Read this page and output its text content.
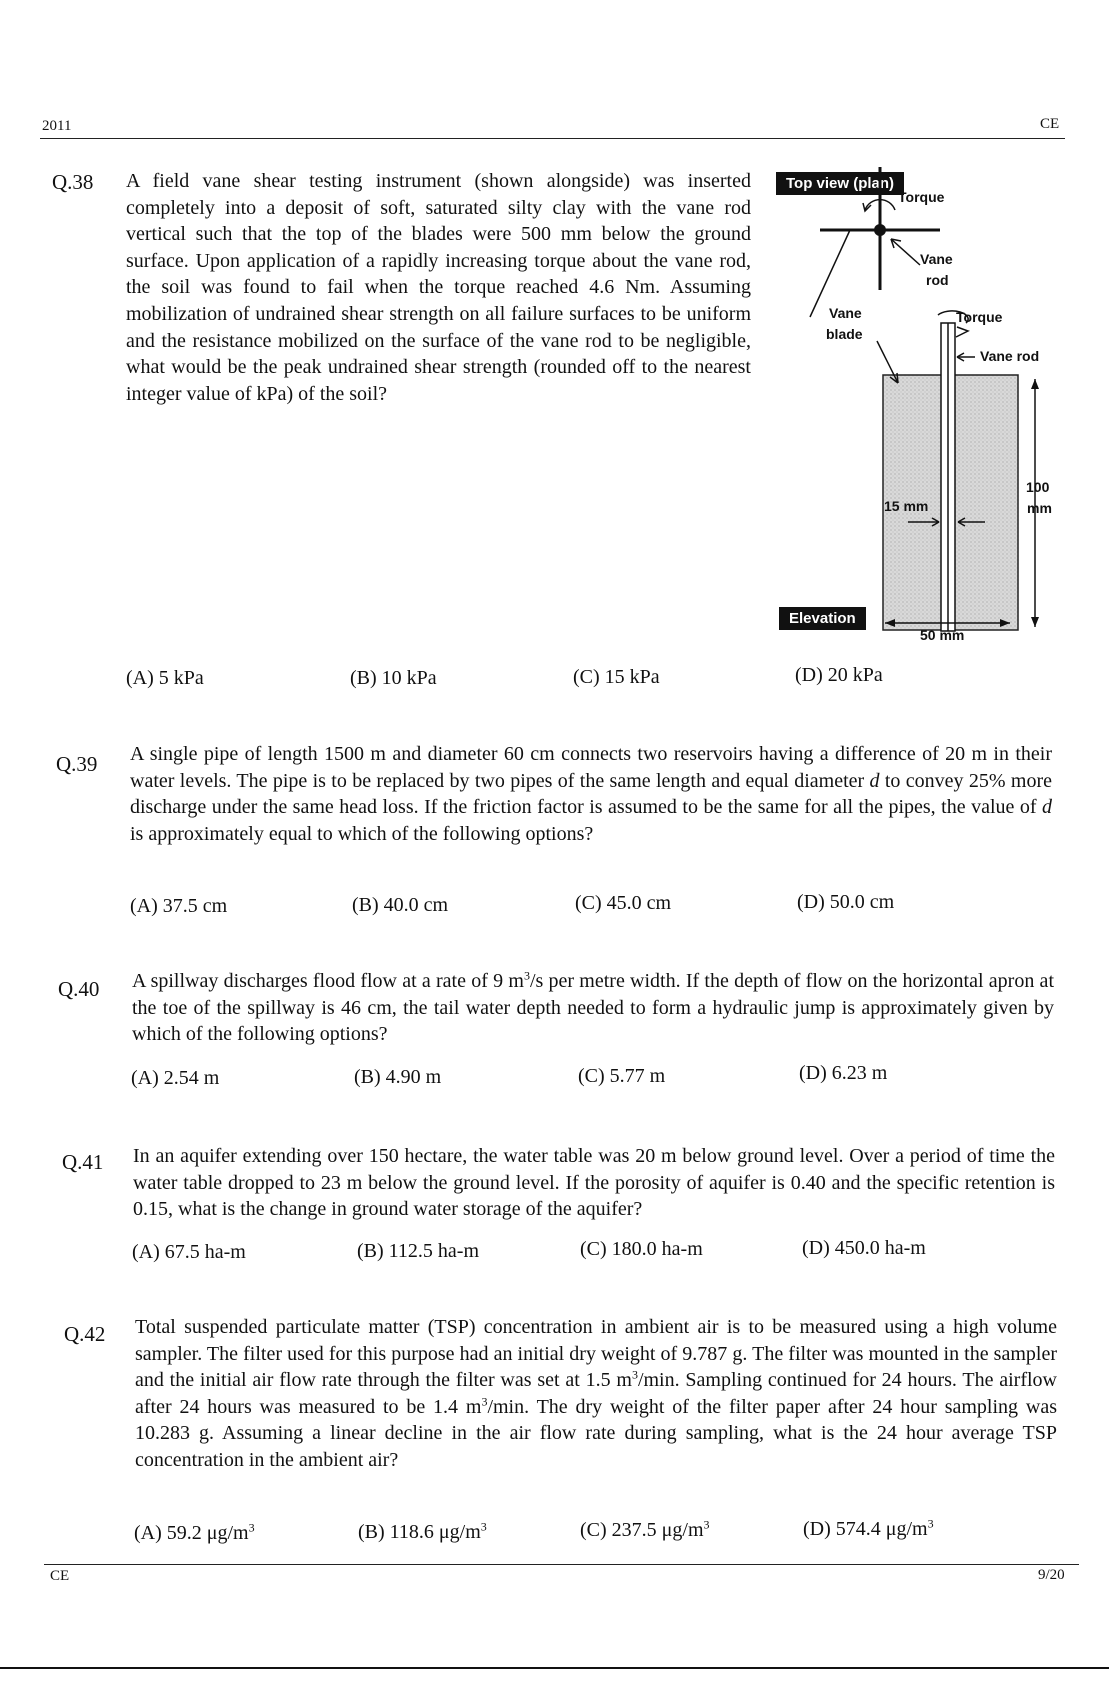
2011	CE
Q.38 A field vane shear testing instrument (shown alongside) was inserted completely into a deposit of soft, saturated silty clay with the vane rod vertical such that the top of the blades were 500 mm below the ground surface. Upon application of a rapidly increasing torque about the vane rod, the soil was found to fail when the torque reached 4.6 Nm. Assuming mobilization of undrained shear strength on all failure surfaces to be uniform and the resistance mobilized on the surface of the vane rod to be negligible, what would be the peak undrained shear strength (rounded off to the nearest integer value of kPa) of the soil?
Top view (plan)
Elevation
Torque
Vane
rod
Vane
blade
Torque
Vane rod
15 mm
100
mm
50 mm
(A) 5 kPa	(B) 10 kPa	(C) 15 kPa	(D) 20 kPa
Q.39 A single pipe of length 1500 m and diameter 60 cm connects two reservoirs having a difference of 20 m in their water levels. The pipe is to be replaced by two pipes of the same length and equal diameter d to convey 25% more discharge under the same head loss. If the friction factor is assumed to be the same for all the pipes, the value of d is approximately equal to which of the following options?
(A) 37.5 cm	(B) 40.0 cm	(C) 45.0 cm	(D) 50.0 cm
Q.40 A spillway discharges flood flow at a rate of 9 $m^3/s$ per metre width. If the depth of flow on the horizontal apron at the toe of the spillway is 46 cm, the tail water depth needed to form a hydraulic jump is approximately given by which of the following options?
(A) 2.54 m	(B) 4.90 m	(C) 5.77 m	(D) 6.23 m
Q.41 In an aquifer extending over 150 hectare, the water table was 20 m below ground level. Over a period of time the water table dropped to 23 m below the ground level. If the porosity of aquifer is 0.40 and the specific retention is 0.15, what is the change in ground water storage of the aquifer?
(A) 67.5 ha-m	(B) 112.5 ha-m	(C) 180.0 ha-m	(D) 450.0 ha-m
Q.42 Total suspended particulate matter (TSP) concentration in ambient air is to be measured using a high volume sampler. The filter used for this purpose had an initial dry weight of 9.787 g. The filter was mounted in the sampler and the initial air flow rate through the filter was set at 1.5 $m^3/\min$. Sampling continued for 24 hours. The airflow after 24 hours was measured to be 1.4 $m^3/\min$. The dry weight of the filter paper after 24 hour sampling was 10.283 g. Assuming a linear decline in the air flow rate during sampling, what is the 24 hour average TSP concentration in the ambient air?
(A) 59.2 $\mu g/m^3$	(B) 118.6 $\mu g/m^3$	(C) 237.5 $\mu g/m^3$	(D) 574.4 $\mu g/m^3$
CE	9/20
